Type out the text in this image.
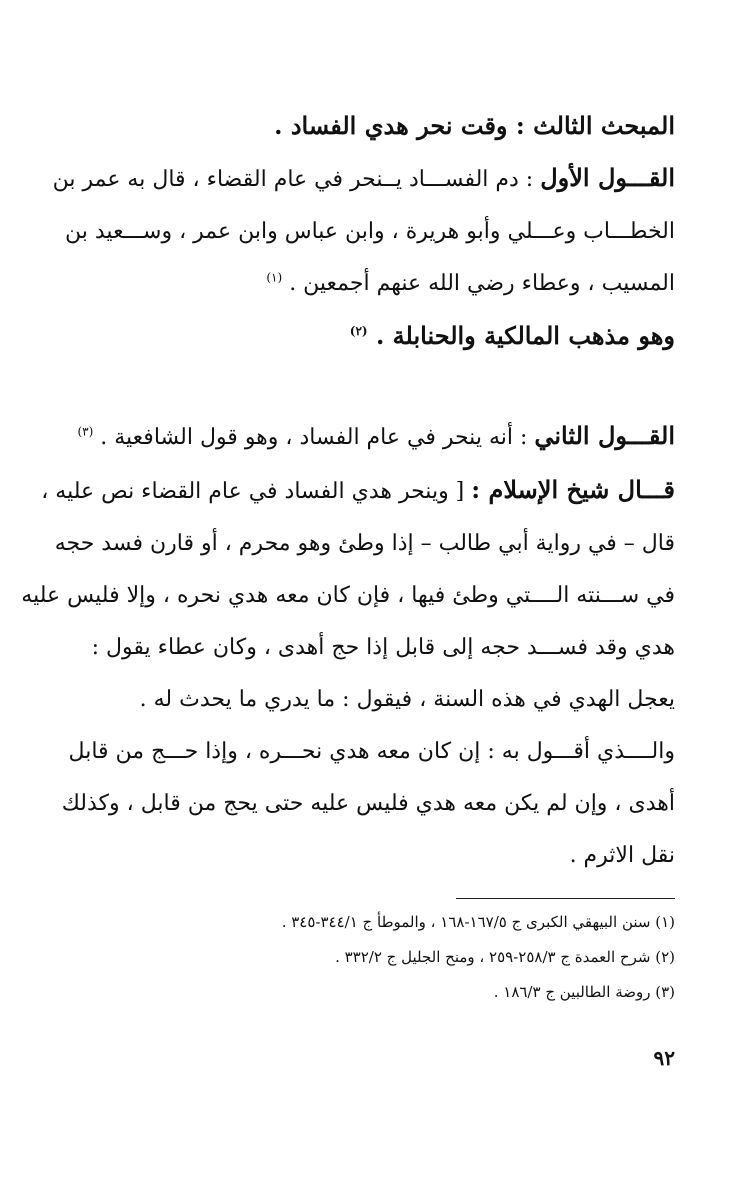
المبحث الثالث : وقت نحر هدي الفساد .

القـــول الأول : دم الفســـاد يــنحر في عام القضاء ، قال به عمر بن

الخطـــاب وعـــلي وأبو هريرة ، وابن عباس وابن عمر ، وســـعيد بن

المسيب ، وعطاء رضي الله عنهم أجمعين . $^{(١)}$

وهو مذهب المالكية والحنابلة . $^{(٢)}$

القـــول الثاني : أنه ينحر في عام الفساد ، وهو قول الشافعية . $^{(٣)}$

قـــال شيخ الإسلام : [ وينحر هدي الفساد في عام القضاء نص عليه ،

قال – في رواية أبي طالب – إذا وطئ وهو محرم ، أو قارن فسد حجه

في ســـنته الــــتي وطئ فيها ، فإن كان معه هدي نحره ، وإلا فليس عليه

هدي وقد فســـد حجه إلى قابل إذا حج أهدى ، وكان عطاء يقول :

يعجل الهدي في هذه السنة ، فيقول : ما يدري ما يحدث له .

والــــذي أقـــول به : إن كان معه هدي نحـــره ، وإذا حـــج من قابل

أهدى ، وإن لم يكن معه هدي فليس عليه حتى يحج من قابل ، وكذلك

نقل الاثرم .

(١) سنن البيهقي الكبرى ج ١٦٧/٥-١٦٨ ، والموطأ ج ٣٤٤/١-٣٤٥ .

(٢) شرح العمدة ج ٢٥٨/٣-٢٥٩ ، ومنح الجليل ج ٣٣٢/٢ .

(٣) روضة الطالبين ج ١٨٦/٣ .

٩٢
